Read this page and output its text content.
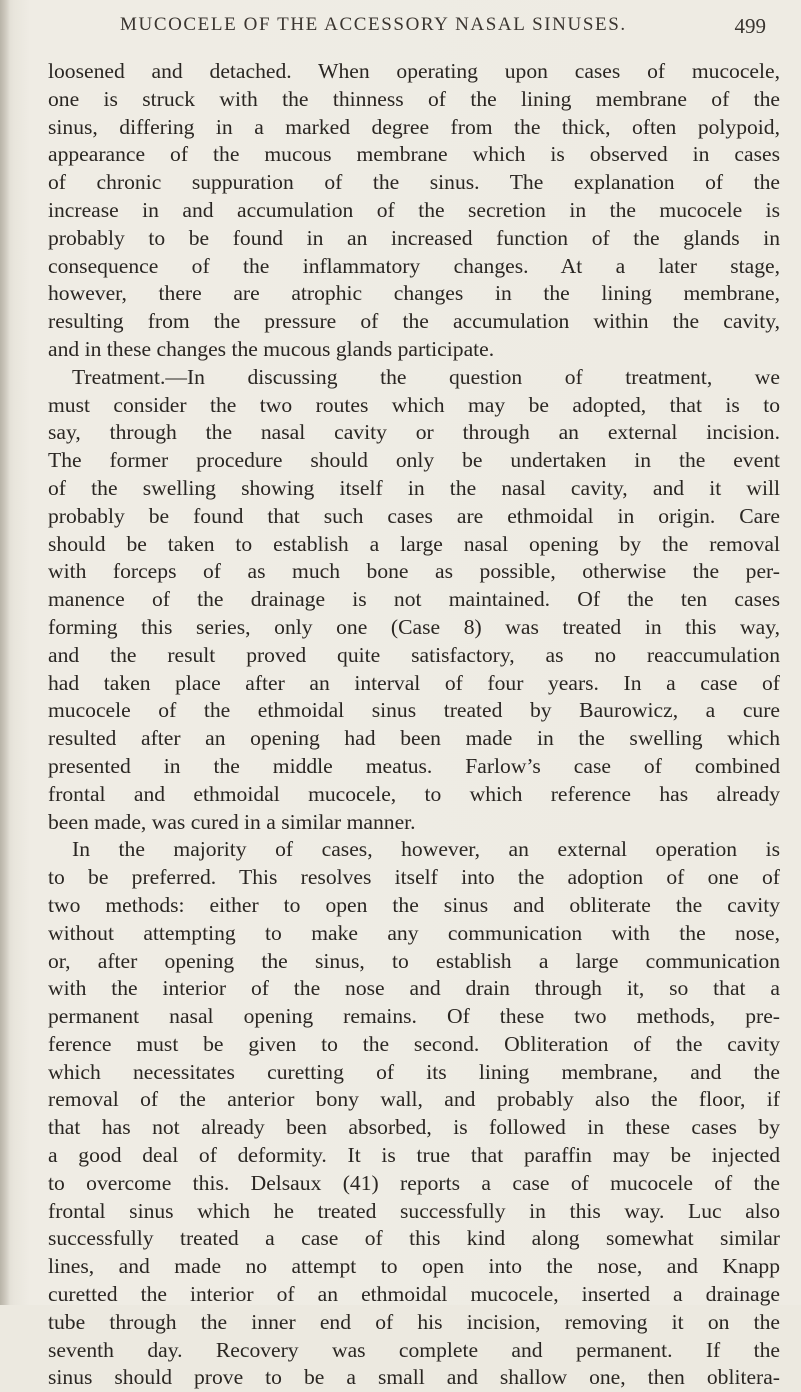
MUCOCELE OF THE ACCESSORY NASAL SINUSES.	499
loosened and detached. When operating upon cases of mucocele,
one is struck with the thinness of the lining membrane of the
sinus, differing in a marked degree from the thick, often polypoid,
appearance of the mucous membrane which is observed in cases
of chronic suppuration of the sinus. The explanation of the
increase in and accumulation of the secretion in the mucocele is
probably to be found in an increased function of the glands in
consequence of the inflammatory changes. At a later stage,
however, there are atrophic changes in the lining membrane,
resulting from the pressure of the accumulation within the cavity,
and in these changes the mucous glands participate.
Treatment.—In discussing the question of treatment, we
must consider the two routes which may be adopted, that is to
say, through the nasal cavity or through an external incision.
The former procedure should only be undertaken in the event
of the swelling showing itself in the nasal cavity, and it will
probably be found that such cases are ethmoidal in origin. Care
should be taken to establish a large nasal opening by the removal
with forceps of as much bone as possible, otherwise the per-
manence of the drainage is not maintained. Of the ten cases
forming this series, only one (Case 8) was treated in this way,
and the result proved quite satisfactory, as no reaccumulation
had taken place after an interval of four years. In a case of
mucocele of the ethmoidal sinus treated by Baurowicz, a cure
resulted after an opening had been made in the swelling which
presented in the middle meatus. Farlow’s case of combined
frontal and ethmoidal mucocele, to which reference has already
been made, was cured in a similar manner.
In the majority of cases, however, an external operation is
to be preferred. This resolves itself into the adoption of one of
two methods: either to open the sinus and obliterate the cavity
without attempting to make any communication with the nose,
or, after opening the sinus, to establish a large communication
with the interior of the nose and drain through it, so that a
permanent nasal opening remains. Of these two methods, pre-
ference must be given to the second. Obliteration of the cavity
which necessitates curetting of its lining membrane, and the
removal of the anterior bony wall, and probably also the floor, if
that has not already been absorbed, is followed in these cases by
a good deal of deformity. It is true that paraffin may be injected
to overcome this. Delsaux (41) reports a case of mucocele of the
frontal sinus which he treated successfully in this way. Luc also
successfully treated a case of this kind along somewhat similar
lines, and made no attempt to open into the nose, and Knapp
curetted the interior of an ethmoidal mucocele, inserted a drainage
tube through the inner end of his incision, removing it on the
seventh day. Recovery was complete and permanent. If the
sinus should prove to be a small and shallow one, then oblitera-
